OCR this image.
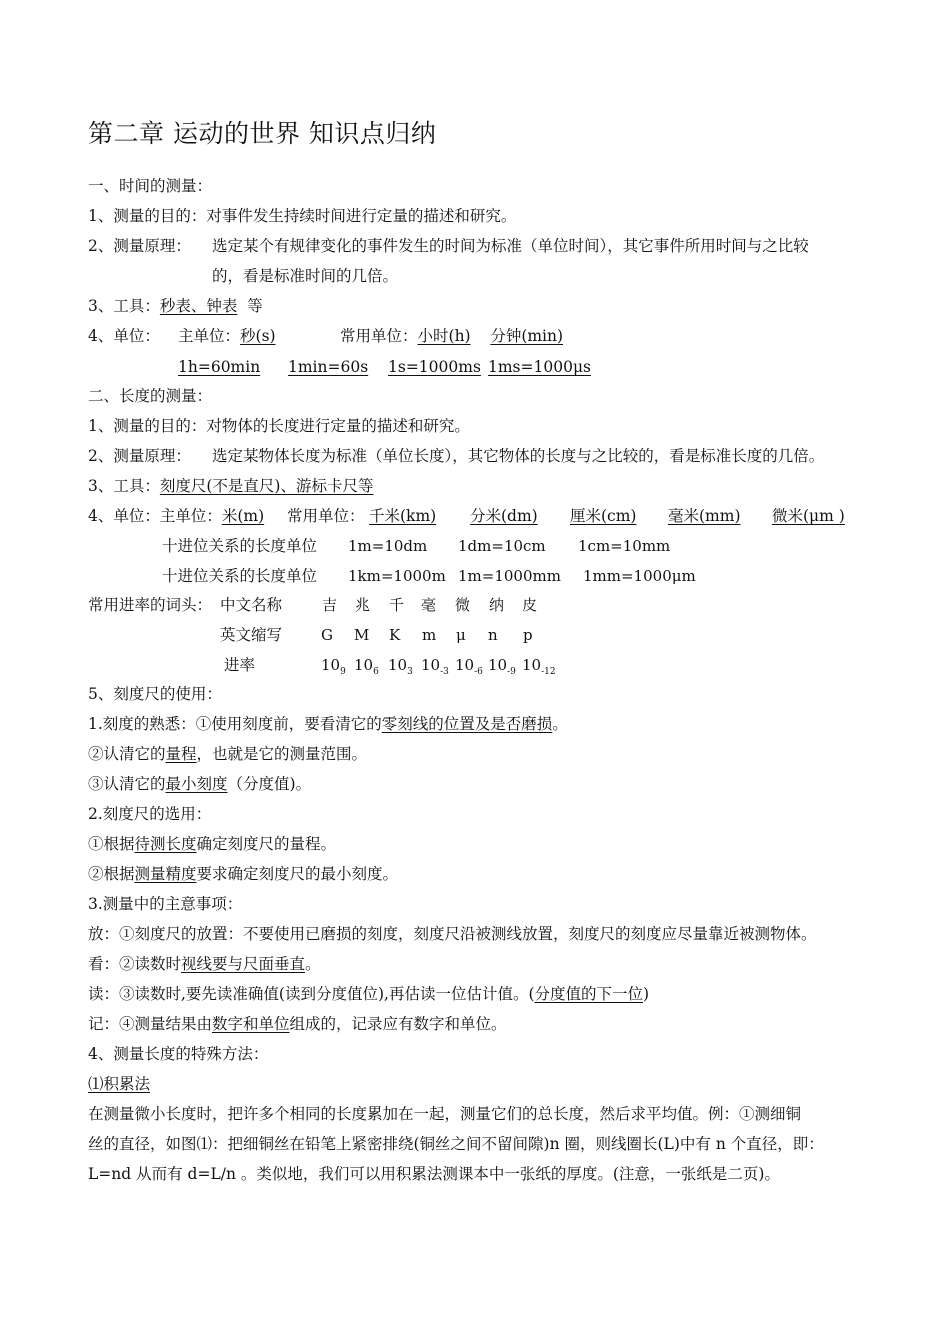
第二章 运动的世界 知识点归纳
一、时间的测量：
1、测量的目的：对事件发生持续时间进行定量的描述和研究。
2、测量原理： 选定某个有规律变化的事件发生的时间为标准（单位时间），其它事件所用时间与之比较
的，看是标准时间的几倍。
3、工具：秒表、钟表 等
4、单位： 主单位：秒(s)	常用单位：小时(h) 分钟(min)
1h=60min 1min=60s 1s=1000ms 1ms=1000μs
二、长度的测量：
1、测量的目的：对物体的长度进行定量的描述和研究。
2、测量原理： 选定某物体长度为标准（单位长度），其它物体的长度与之比较的，看是标准长度的几倍。
3、工具：刻度尺(不是直尺)、游标卡尺等
4、单位：主单位：米(m) 常用单位： 千米(km) 分米(dm) 厘米(cm) 毫米(mm) 微米(μm )
十进位关系的长度单位 1m=10dm 1dm=10cm 1cm=10mm
十进位关系的长度单位 1km=1000m 1m=1000mm 1mm=1000μm
常用进率的词头： 中文名称
英文缩写
进率
吉 兆 千 毫 微 纳 皮
G M K m μ n p
$10_9$ $10_6$ $10_3$ $10_{-3}$ $10_{-6}$ $10_{-9}$ $10_{-12}$
5、刻度尺的使用：
1.刻度的熟悉：①使用刻度前，要看清它的零刻线的位置及是否磨损。
②认清它的量程，也就是它的测量范围。
③认清它的最小刻度（分度值)。
2.刻度尺的选用：
①根据待测长度确定刻度尺的量程。
②根据测量精度要求确定刻度尺的最小刻度。
3.测量中的主意事项：
放：①刻度尺的放置：不要使用已磨损的刻度，刻度尺沿被测线放置，刻度尺的刻度应尽量靠近被测物体。
看：②读数时视线要与尺面垂直。
读：③读数时,要先读准确值(读到分度值位),再估读一位估计值。(分度值的下一位)
记：④测量结果由数字和单位组成的，记录应有数字和单位。
4、测量长度的特殊方法：
⑴积累法
在测量微小长度时，把许多个相同的长度累加在一起，测量它们的总长度，然后求平均值。例：①测细铜
丝的直径，如图⑴：把细铜丝在铅笔上紧密排绕(铜丝之间不留间隙)n 圈，则线圈长(L)中有 n 个直径，即：
L=nd 从而有 d=L/n 。类似地，我们可以用积累法测课本中一张纸的厚度。(注意，一张纸是二页)。
